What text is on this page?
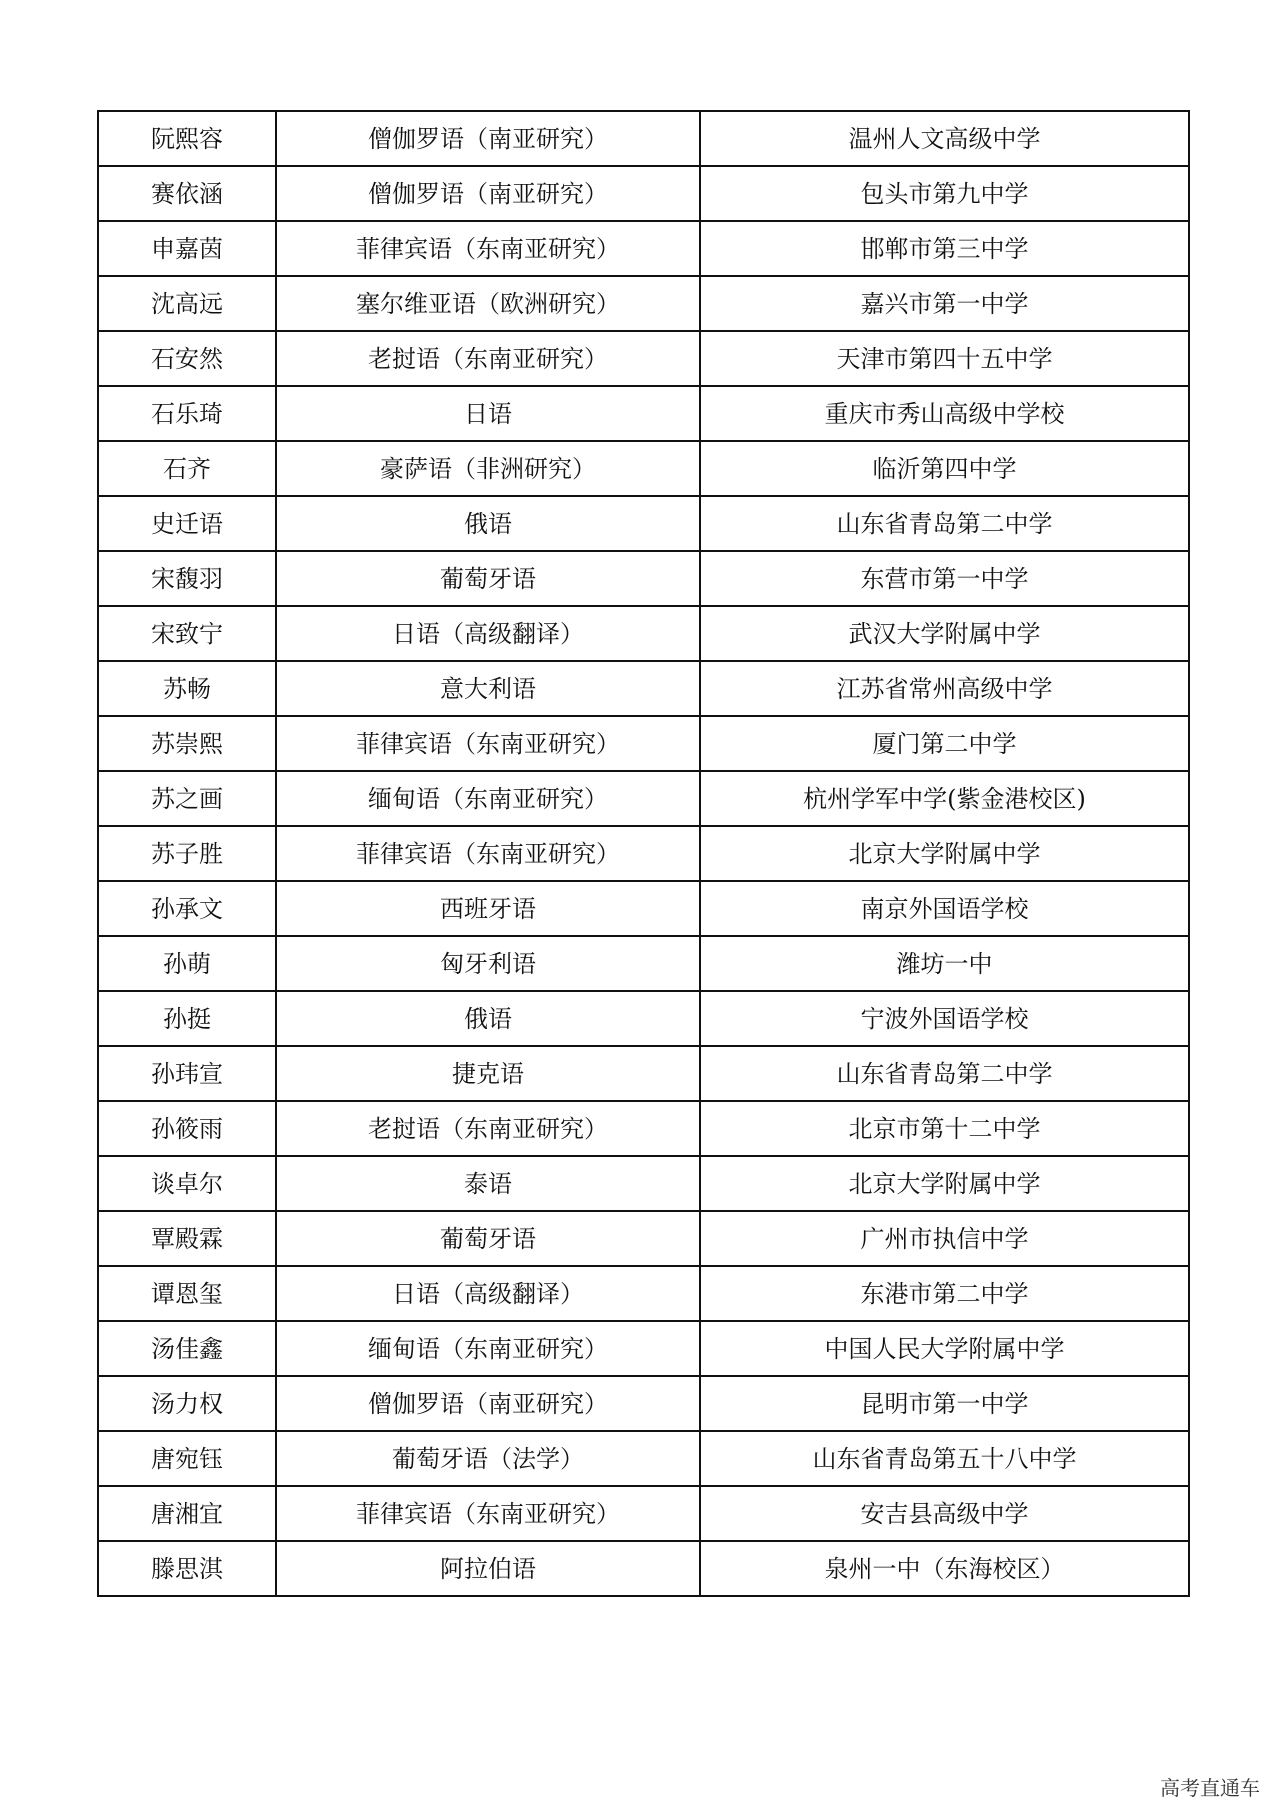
阮熙容	僧伽罗语（南亚研究）	温州人文高级中学
赛依涵	僧伽罗语（南亚研究）	包头市第九中学
申嘉茵	菲律宾语（东南亚研究）	邯郸市第三中学
沈高远	塞尔维亚语（欧洲研究）	嘉兴市第一中学
石安然	老挝语（东南亚研究）	天津市第四十五中学
石乐琦	日语	重庆市秀山高级中学校
石齐	豪萨语（非洲研究）	临沂第四中学
史迁语	俄语	山东省青岛第二中学
宋馥羽	葡萄牙语	东营市第一中学
宋致宁	日语（高级翻译）	武汉大学附属中学
苏畅	意大利语	江苏省常州高级中学
苏崇熙	菲律宾语（东南亚研究）	厦门第二中学
苏之画	缅甸语（东南亚研究）	杭州学军中学(紫金港校区)
苏子胜	菲律宾语（东南亚研究）	北京大学附属中学
孙承文	西班牙语	南京外国语学校
孙萌	匈牙利语	潍坊一中
孙挺	俄语	宁波外国语学校
孙玮宣	捷克语	山东省青岛第二中学
孙筱雨	老挝语（东南亚研究）	北京市第十二中学
谈卓尔	泰语	北京大学附属中学
覃殿霖	葡萄牙语	广州市执信中学
谭恩玺	日语（高级翻译）	东港市第二中学
汤佳鑫	缅甸语（东南亚研究）	中国人民大学附属中学
汤力权	僧伽罗语（南亚研究）	昆明市第一中学
唐宛钰	葡萄牙语（法学）	山东省青岛第五十八中学
唐湘宜	菲律宾语（东南亚研究）	安吉县高级中学
滕思淇	阿拉伯语	泉州一中（东海校区）
高考直通车
